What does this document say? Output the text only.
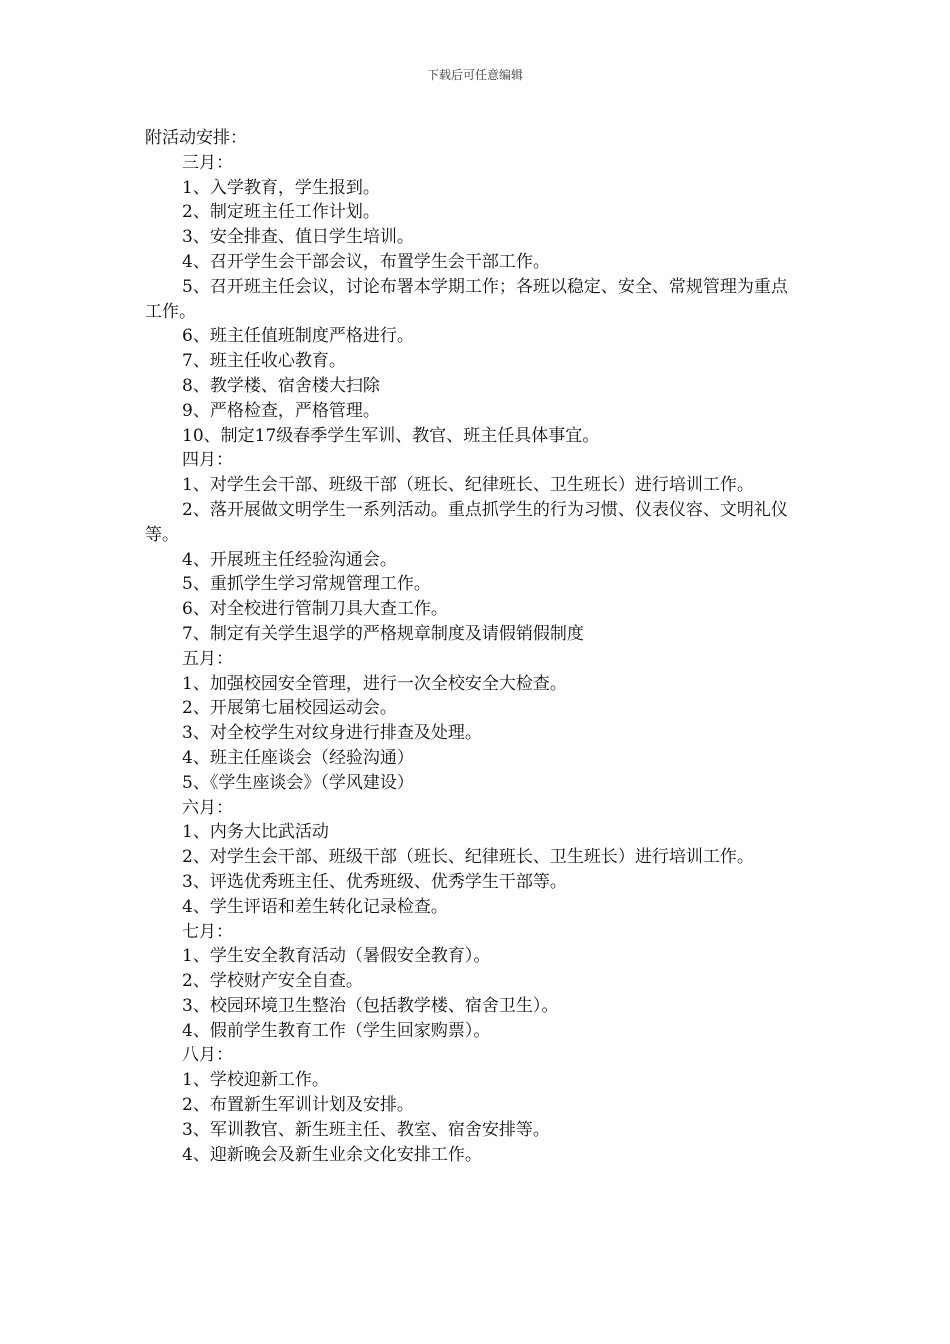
下载后可任意编辑
附活动安排：
三月：
1、入学教育，学生报到。
2、制定班主任工作计划。
3、安全排查、值日学生培训。
4、召开学生会干部会议，布置学生会干部工作。
5、召开班主任会议，讨论布署本学期工作；各班以稳定、安全、常规管理为重点工作。
6、班主任值班制度严格进行。
7、班主任收心教育。
8、教学楼、宿舍楼大扫除
9、严格检查，严格管理。
10、制定17级春季学生军训、教官、班主任具体事宜。
四月：
1、对学生会干部、班级干部（班长、纪律班长、卫生班长）进行培训工作。
2、落开展做文明学生一系列活动。重点抓学生的行为习惯、仪表仪容、文明礼仪等。
4、开展班主任经验沟通会。
5、重抓学生学习常规管理工作。
6、对全校进行管制刀具大查工作。
7、制定有关学生退学的严格规章制度及请假销假制度
五月：
1、加强校园安全管理，进行一次全校安全大检查。
2、开展第七届校园运动会。
3、对全校学生对纹身进行排查及处理。
4、班主任座谈会（经验沟通）
5、《学生座谈会》（学风建设）
六月：
1、内务大比武活动
2、对学生会干部、班级干部（班长、纪律班长、卫生班长）进行培训工作。
3、评选优秀班主任、优秀班级、优秀学生干部等。
4、学生评语和差生转化记录检查。
七月：
1、学生安全教育活动（暑假安全教育）。
2、学校财产安全自查。
3、校园环境卫生整治（包括教学楼、宿舍卫生）。
4、假前学生教育工作（学生回家购票）。
八月：
1、学校迎新工作。
2、布置新生军训计划及安排。
3、军训教官、新生班主任、教室、宿舍安排等。
4、迎新晚会及新生业余文化安排工作。
